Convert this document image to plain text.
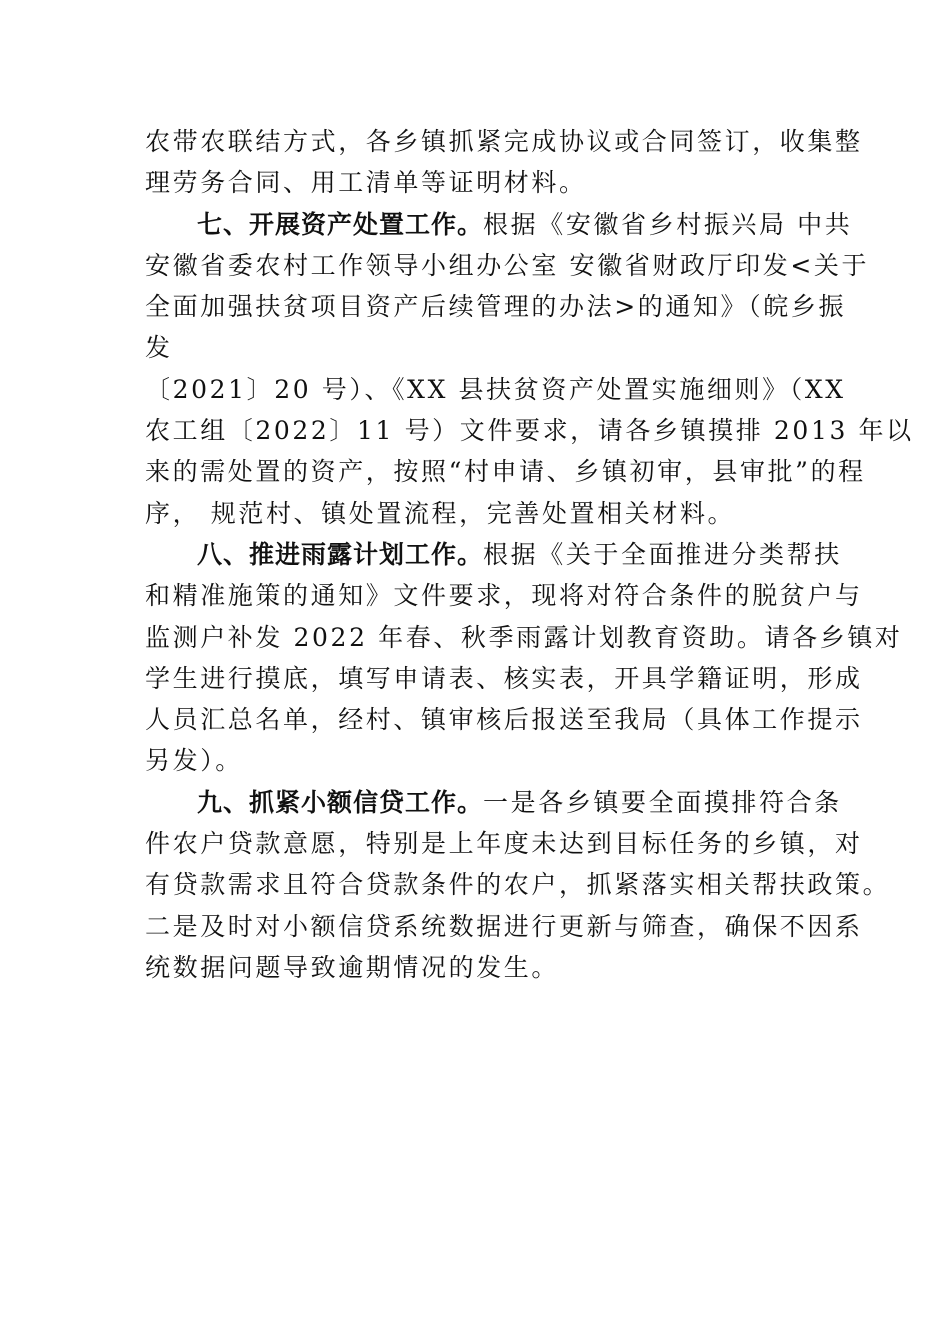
农带农联结方式，各乡镇抓紧完成协议或合同签订，收集整
理劳务合同、用工清单等证明材料。
七、开展资产处置工作。根据《安徽省乡村振兴局 中共
安徽省委农村工作领导小组办公室 安徽省财政厅印发<关于
全面加强扶贫项目资产后续管理的办法>的通知》（皖乡振
发
〔2021〕20 号）、《XX 县扶贫资产处置实施细则》（XX
农工组〔2022〕11 号）文件要求，请各乡镇摸排 2013 年以
来的需处置的资产，按照“村申请、乡镇初审，县审批”的程
序， 规范村、镇处置流程，完善处置相关材料。
八、推进雨露计划工作。根据《关于全面推进分类帮扶
和精准施策的通知》文件要求，现将对符合条件的脱贫户与
监测户补发 2022 年春、秋季雨露计划教育资助。请各乡镇对
学生进行摸底，填写申请表、核实表，开具学籍证明，形成
人员汇总名单，经村、镇审核后报送至我局（具体工作提示
另发）。
九、抓紧小额信贷工作。一是各乡镇要全面摸排符合条
件农户贷款意愿，特别是上年度未达到目标任务的乡镇，对
有贷款需求且符合贷款条件的农户，抓紧落实相关帮扶政策。
二是及时对小额信贷系统数据进行更新与筛查，确保不因系
统数据问题导致逾期情况的发生。
